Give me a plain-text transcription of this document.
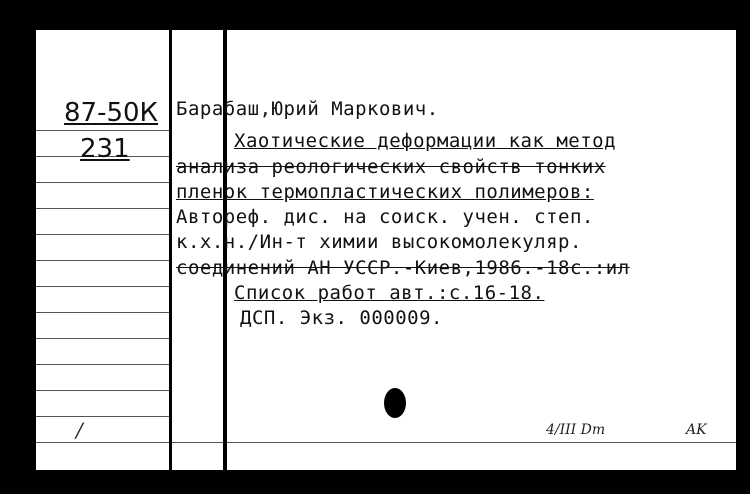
87-50К
231
Барабаш,Юрий Маркович.
Хаотические деформации как метод
анализа реологических свойств тонких
пленок термопластических полимеров:
Автореф. дис. на соиск. учен. степ.
к.х.н./Ин-т химии высокомолекуляр.
соединений АН УССР.-Киев,1986.-18с.:ил
Список работ авт.:с.16-18.
ДСП. Экз. 000009.
/	4/III Dm	AK
